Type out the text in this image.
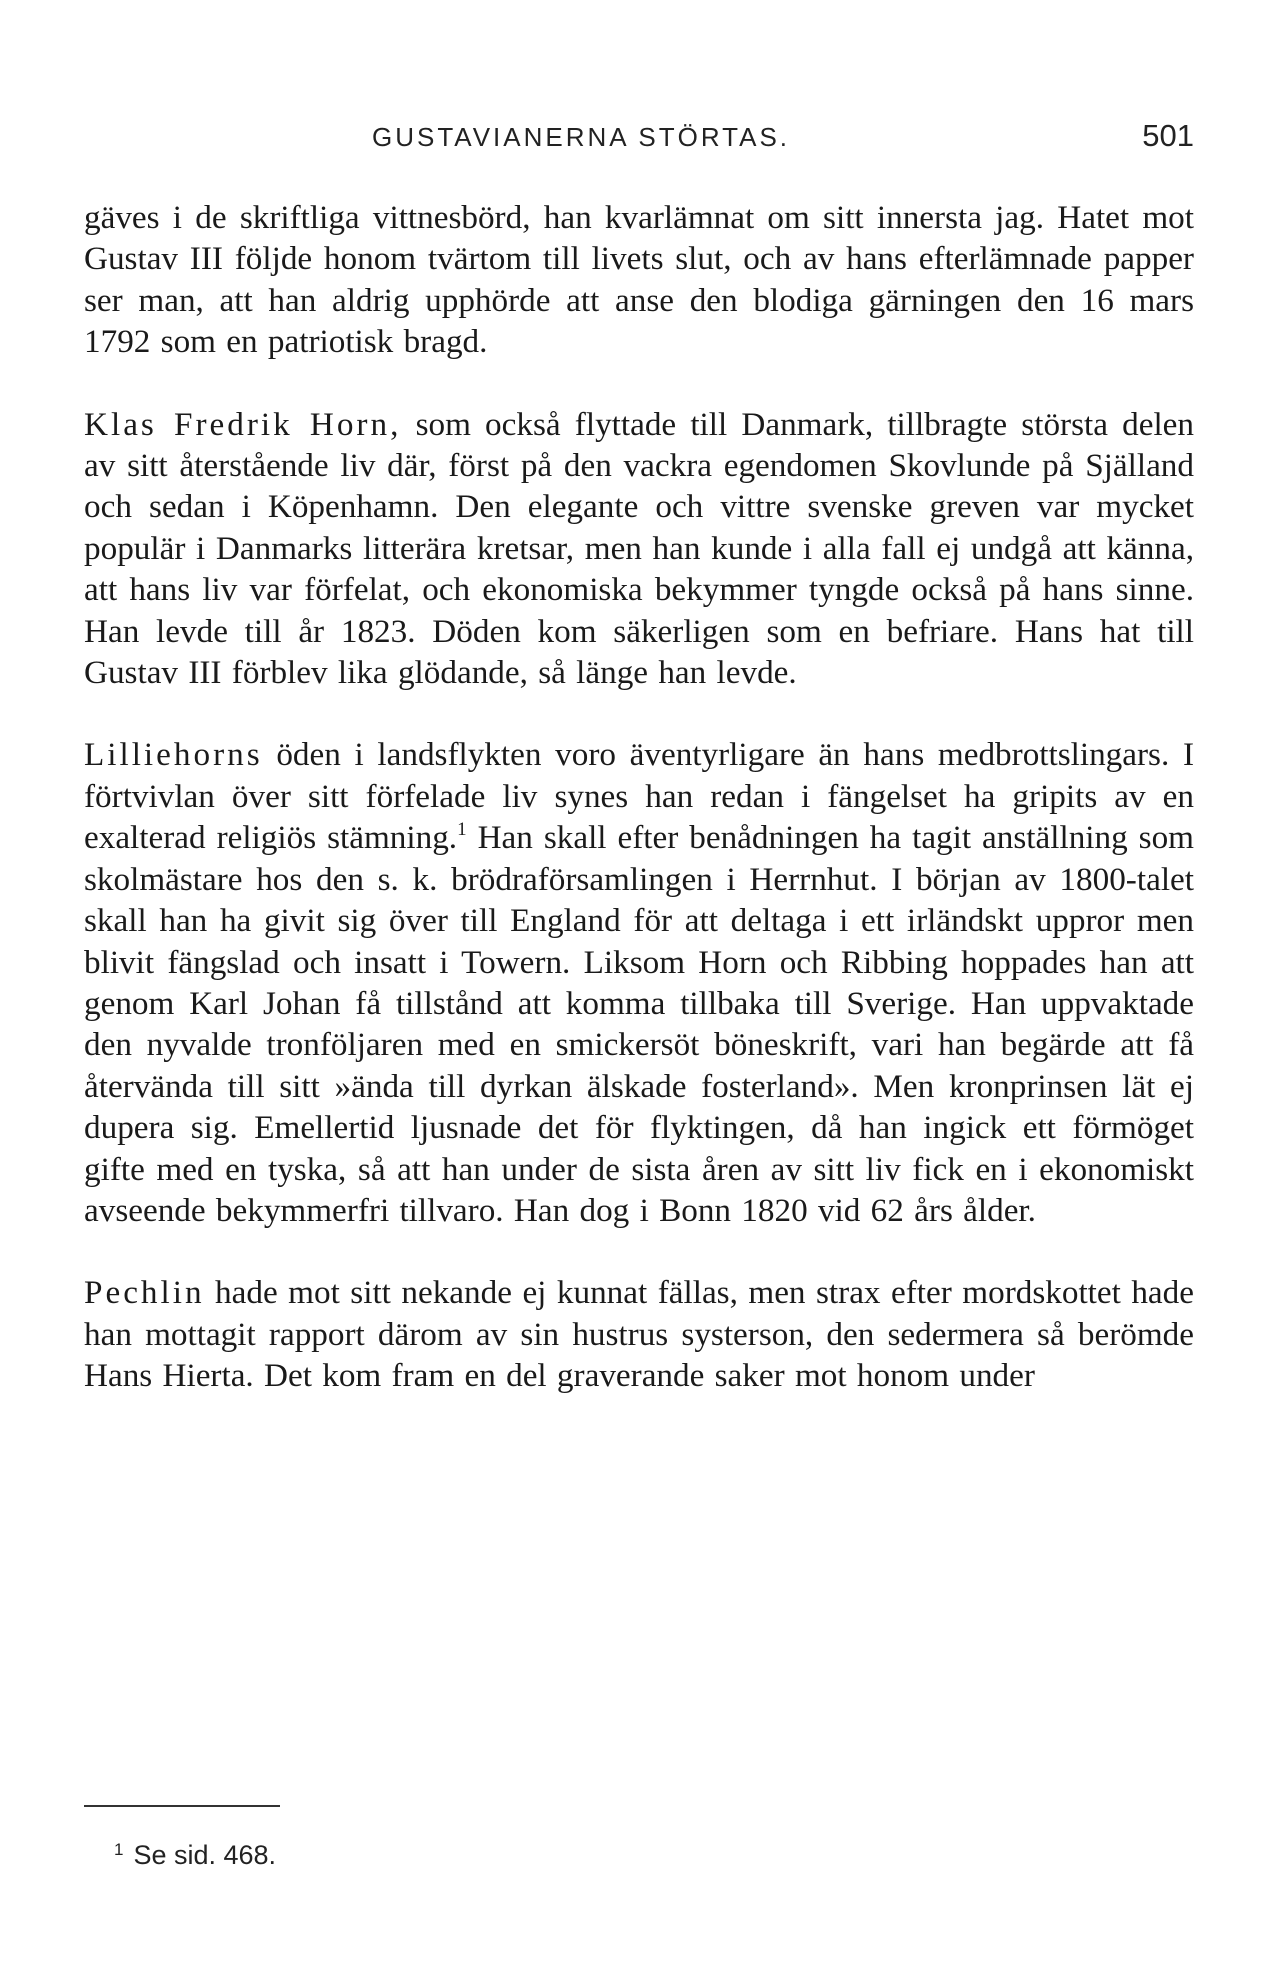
GUSTAVIANERNA STÖRTAS.	501

gäves i de skriftliga vittnesbörd, han kvarlämnat om sitt innersta jag. Hatet mot Gustav III följde honom tvärtom till livets slut, och av hans efterlämnade papper ser man, att han aldrig upphörde att anse den blodiga gärningen den 16 mars 1792 som en patriotisk bragd.

Klas Fredrik Horn, som också flyttade till Danmark, tillbragte största delen av sitt återstående liv där, först på den vackra egendomen Skovlunde på Själland och sedan i Köpenhamn. Den elegante och vittre svenske greven var mycket populär i Danmarks litterära kretsar, men han kunde i alla fall ej undgå att känna, att hans liv var förfelat, och ekonomiska bekymmer tyngde också på hans sinne. Han levde till år 1823. Döden kom säkerligen som en befriare. Hans hat till Gustav III förblev lika glödande, så länge han levde.

Lilliehorns öden i landsflykten voro äventyrligare än hans medbrottslingars. I förtvivlan över sitt förfelade liv synes han redan i fängelset ha gripits av en exalterad religiös stämning.$^1$ Han skall efter benådningen ha tagit anställning som skolmästare hos den s. k. brödraförsamlingen i Herrnhut. I början av 1800-talet skall han ha givit sig över till England för att deltaga i ett irländskt uppror men blivit fängslad och insatt i Towern. Liksom Horn och Ribbing hoppades han att genom Karl Johan få tillstånd att komma tillbaka till Sverige. Han uppvaktade den nyvalde tronföljaren med en smickersöt böneskrift, vari han begärde att få återvända till sitt »ända till dyrkan älskade fosterland». Men kronprinsen lät ej dupera sig. Emellertid ljusnade det för flyktingen, då han ingick ett förmöget gifte med en tyska, så att han under de sista åren av sitt liv fick en i ekonomiskt avseende bekymmerfri tillvaro. Han dog i Bonn 1820 vid 62 års ålder.

Pechlin hade mot sitt nekande ej kunnat fällas, men strax efter mordskottet hade han mottagit rapport därom av sin hustrus systerson, den sedermera så berömde Hans Hierta. Det kom fram en del graverande saker mot honom under

$^1$ Se sid. 468.
